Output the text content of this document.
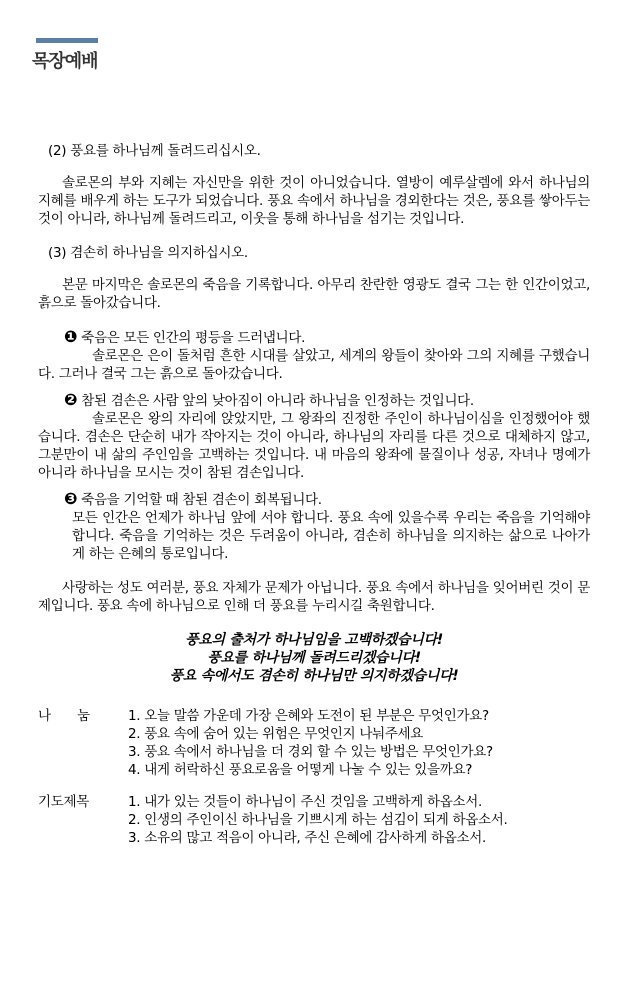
목장예배
(2) 풍요를 하나님께 돌려드리십시오.

솔로몬의 부와 지혜는 자신만을 위한 것이 아니었습니다. 열방이 예루살렘에 와서 하나님의 지혜를 배우게 하는 도구가 되었습니다. 풍요 속에서 하나님을 경외한다는 것은, 풍요를 쌓아두는 것이 아니라, 하나님께 돌려드리고, 이웃을 통해 하나님을 섬기는 것입니다.

(3) 겸손히 하나님을 의지하십시오.

본문 마지막은 솔로몬의 죽음을 기록합니다. 아무리 찬란한 영광도 결국 그는 한 인간이었고, 흙으로 돌아갔습니다.

❶ 죽음은 모든 인간의 평등을 드러냅니다.
솔로몬은 은이 돌처럼 흔한 시대를 살았고, 세계의 왕들이 찾아와 그의 지혜를 구했습니다. 그러나 결국 그는 흙으로 돌아갔습니다.
❷ 참된 겸손은 사람 앞의 낮아짐이 아니라 하나님을 인정하는 것입니다.
솔로몬은 왕의 자리에 앉았지만, 그 왕좌의 진정한 주인이 하나님이심을 인정했어야 했습니다. 겸손은 단순히 내가 작아지는 것이 아니라, 하나님의 자리를 다른 것으로 대체하지 않고, 그분만이 내 삶의 주인임을 고백하는 것입니다. 내 마음의 왕좌에 물질이나 성공, 자녀나 명예가 아니라 하나님을 모시는 것이 참된 겸손입니다.
❸ 죽음을 기억할 때 참된 겸손이 회복됩니다.
모든 인간은 언제가 하나님 앞에 서야 합니다. 풍요 속에 있을수록 우리는 죽음을 기억해야 합니다. 죽음을 기억하는 것은 두려움이 아니라, 겸손히 하나님을 의지하는 삶으로 나아가게 하는 은혜의 통로입니다.

사랑하는 성도 여러분, 풍요 자체가 문제가 아닙니다. 풍요 속에서 하나님을 잊어버린 것이 문제입니다. 풍요 속에 하나님으로 인해 더 풍요를 누리시길 축원합니다.

풍요의 출처가 하나님임을 고백하겠습니다!
풍요를 하나님께 돌려드리겠습니다!
풍요 속에서도 겸손히 하나님만 의지하겠습니다!
나　　눔	1. 오늘 말씀 가운데 가장 은혜와 도전이 된 부분은 무엇인가요?

2. 풍요 속에 숨어 있는 위험은 무엇인지 나눠주세요

3. 풍요 속에서 하나님을 더 경외 할 수 있는 방법은 무엇인가요?

4. 내게 허락하신 풍요로움을 어떻게 나눌 수 있는 있을까요?

기도제목	1. 내가 있는 것들이 하나님이 주신 것임을 고백하게 하옵소서.

2. 인생의 주인이신 하나님을 기쁘시게 하는 섬김이 되게 하옵소서.

3. 소유의 많고 적음이 아니라, 주신 은혜에 감사하게 하옵소서.
